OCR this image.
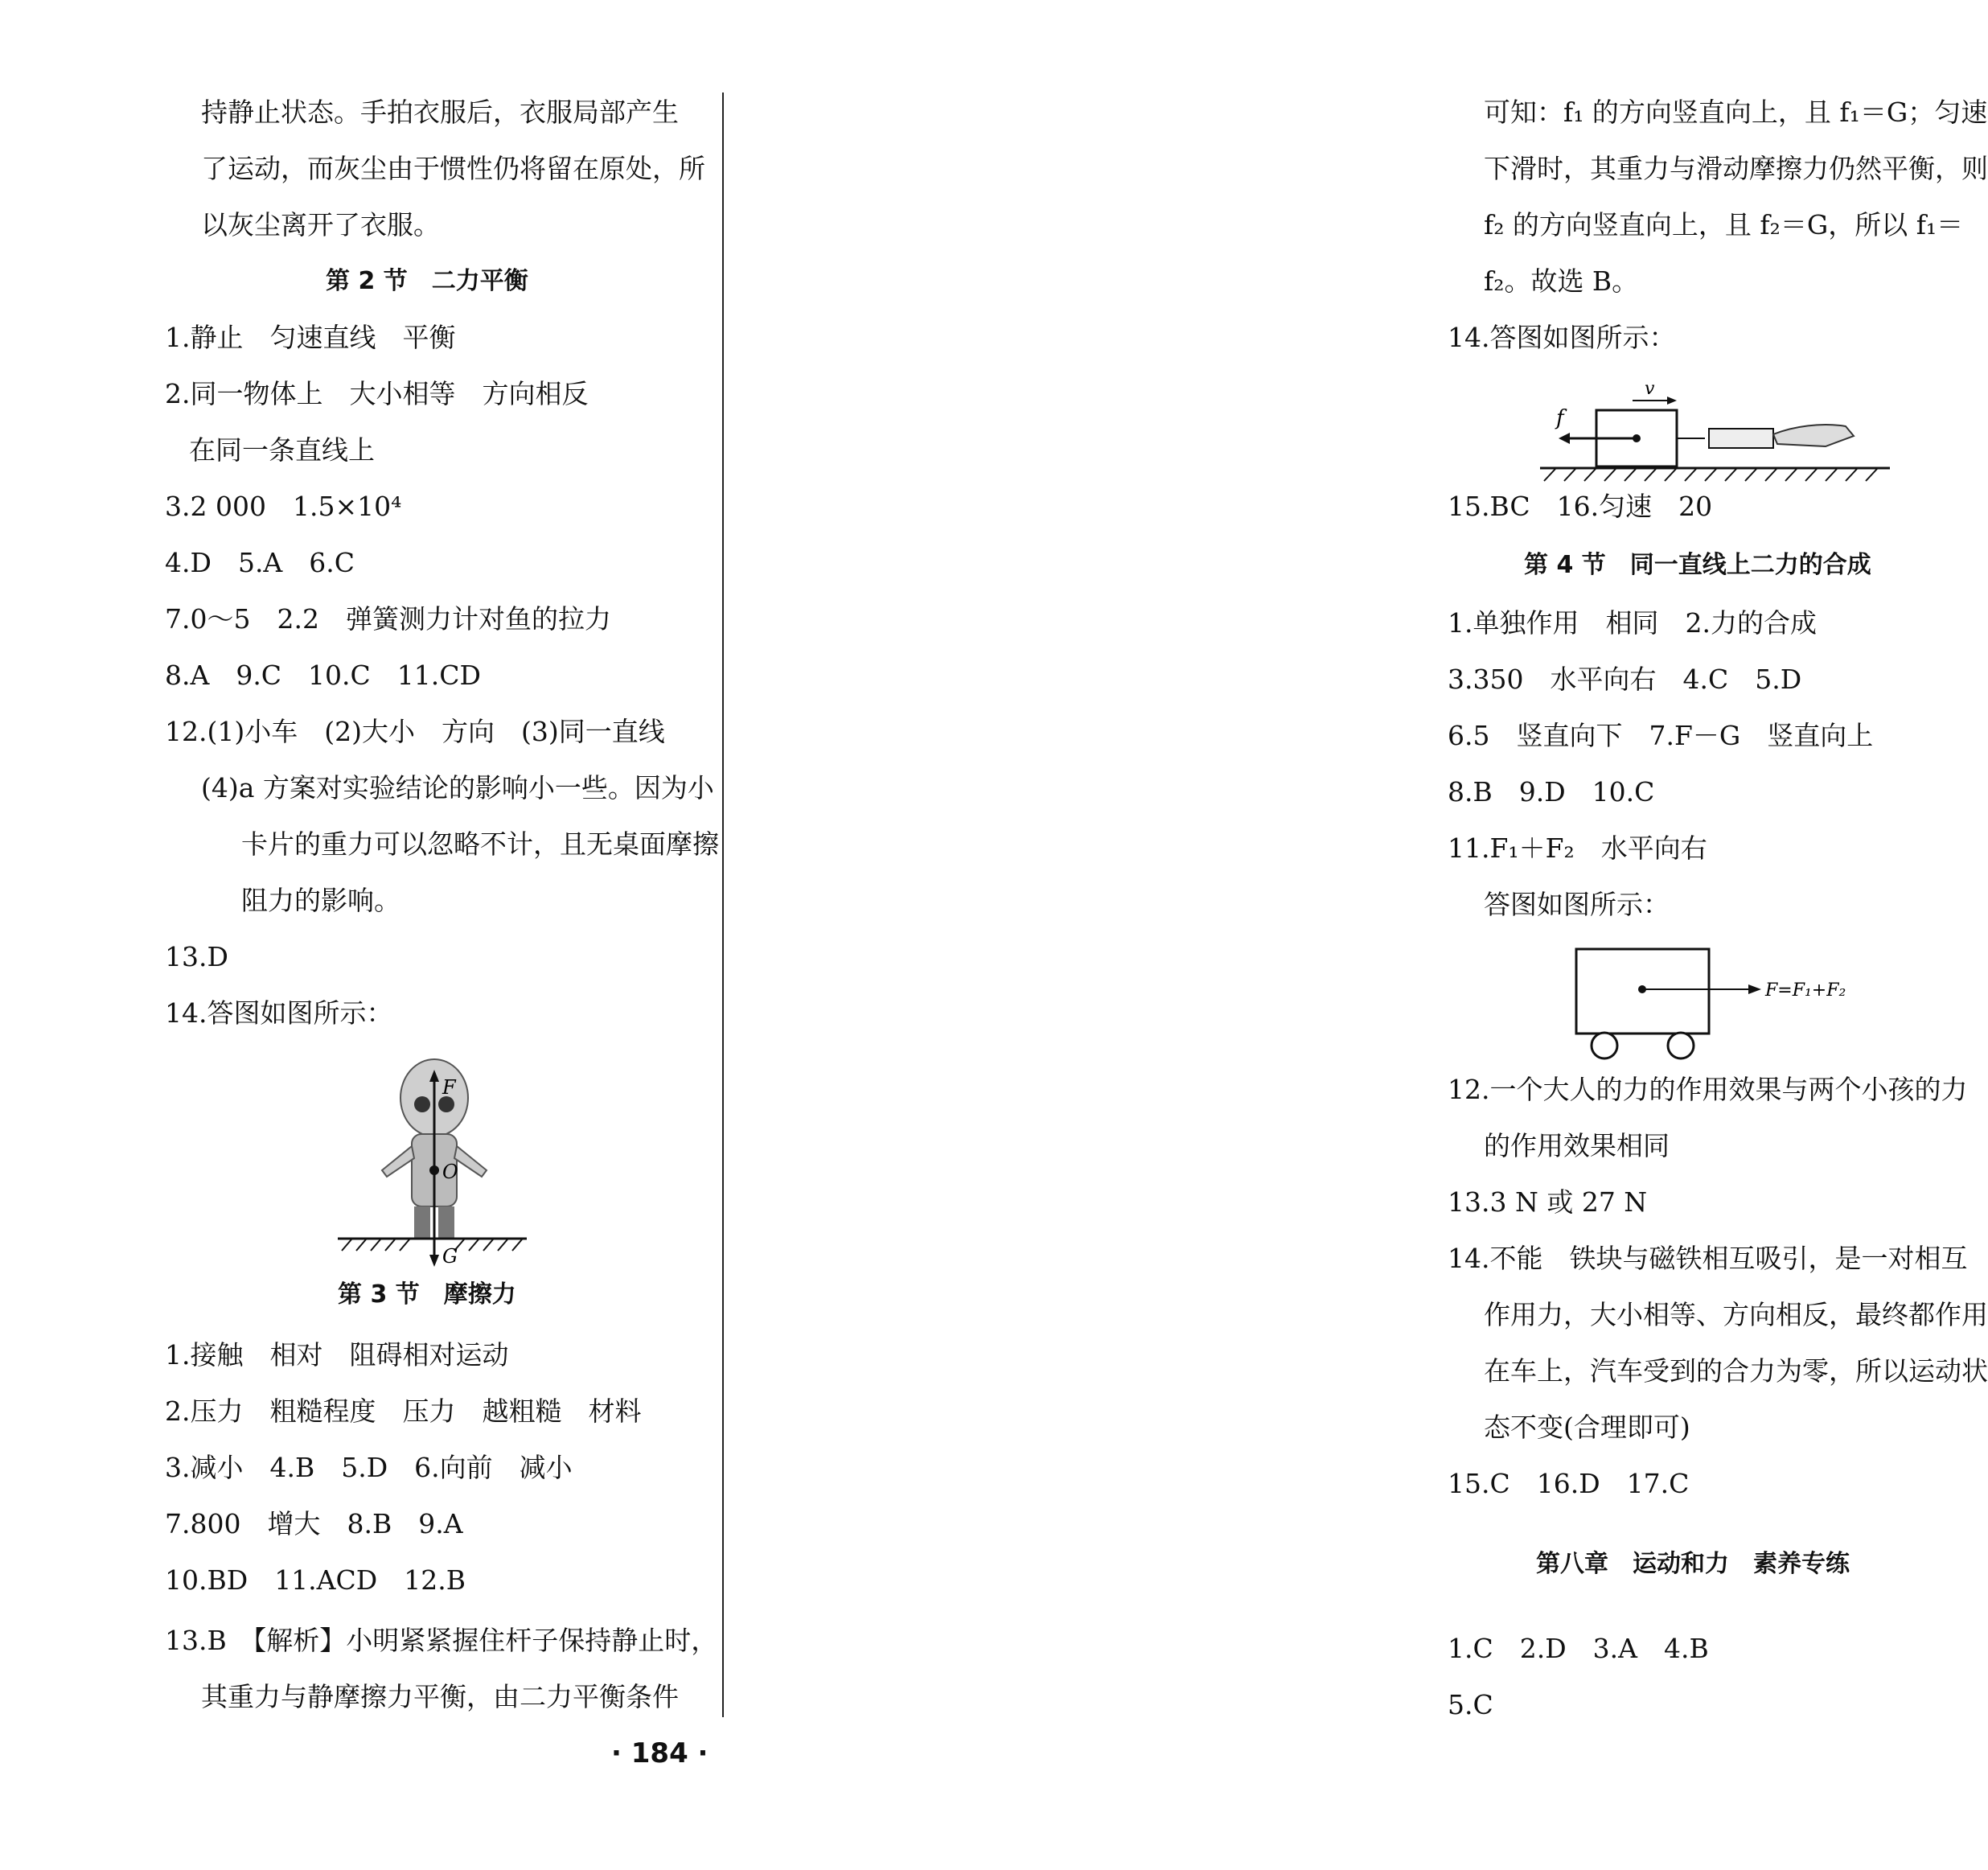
持静止状态。手拍衣服后，衣服局部产生
了运动，而灰尘由于惯性仍将留在原处，所
以灰尘离开了衣服。
第 2 节　二力平衡
1.静止　匀速直线　平衡
2.同一物体上　大小相等　方向相反
在同一条直线上
3.2 000　1.5×10⁴
4.D　5.A　6.C
7.0～5　2.2　弹簧测力计对鱼的拉力
8.A　9.C　10.C　11.CD
12.(1)小车　(2)大小　方向　(3)同一直线
(4)a 方案对实验结论的影响小一些。因为小
卡片的重力可以忽略不计，且无桌面摩擦
阻力的影响。
13.D
14.答图如图所示：
F
O
G
第 3 节　摩擦力
1.接触　相对　阻碍相对运动
2.压力　粗糙程度　压力　越粗糙　材料
3.减小　4.B　5.D　6.向前　减小
7.800　增大　8.B　9.A
10.BD　11.ACD　12.B
13.B　【解析】小明紧紧握住杆子保持静止时，
其重力与静摩擦力平衡，由二力平衡条件
可知：f₁ 的方向竖直向上，且 f₁＝G；匀速
下滑时，其重力与滑动摩擦力仍然平衡，则
f₂ 的方向竖直向上，且 f₂＝G，所以 f₁＝
f₂。故选 B。
14.答图如图所示：
v
f
15.BC　16.匀速　20
第 4 节　同一直线上二力的合成
1.单独作用　相同　2.力的合成
3.350　水平向右　4.C　5.D
6.5　竖直向下　7.F－G　竖直向上
8.B　9.D　10.C
11.F₁＋F₂　水平向右
答图如图所示：
F=F₁+F₂
12.一个大人的力的作用效果与两个小孩的力
的作用效果相同
13.3 N 或 27 N
14.不能　铁块与磁铁相互吸引，是一对相互
作用力，大小相等、方向相反，最终都作用
在车上，汽车受到的合力为零，所以运动状
态不变(合理即可)
15.C　16.D　17.C
第八章　运动和力　素养专练
1.C　2.D　3.A　4.B
5.C
· 184 ·
